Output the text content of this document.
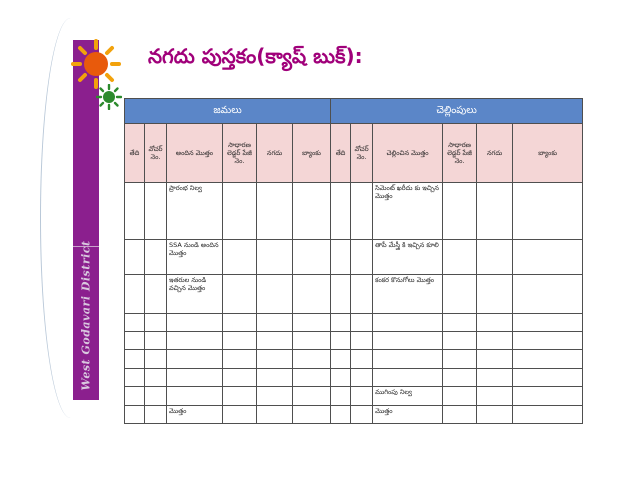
West Godavari District
నగదు పుస్తకం(క్యాష్ బుక్):
జమలు						చెల్లింపులు					
తేది	వోచర్ నెం.	అందిన మొత్తం	సాధారణ లెడ్జర్ పేజీ నెం.	నగదు	బ్యాంకు	తేది	వోచర్ నెం.	చెల్లించిన మొత్తం	సాధారణ లెడ్జర్ పేజీ నెం.	నగదు	బ్యాంకు
		ప్రారంభ నిల్వ						సిమెంట్ ఖరీదు కు ఇచ్చిన మొత్తం			
		SSA నుండి అందిన మొత్తం						తాపీ మేస్త్రీ కి ఇచ్చిన కూలి			
		ఇతరుల నుండి వచ్చిన మొత్తం						కంకర కొనుగోలు మొత్తం			

								ముగింపు నిల్వ			
		మొత్తం						మొత్తం			
